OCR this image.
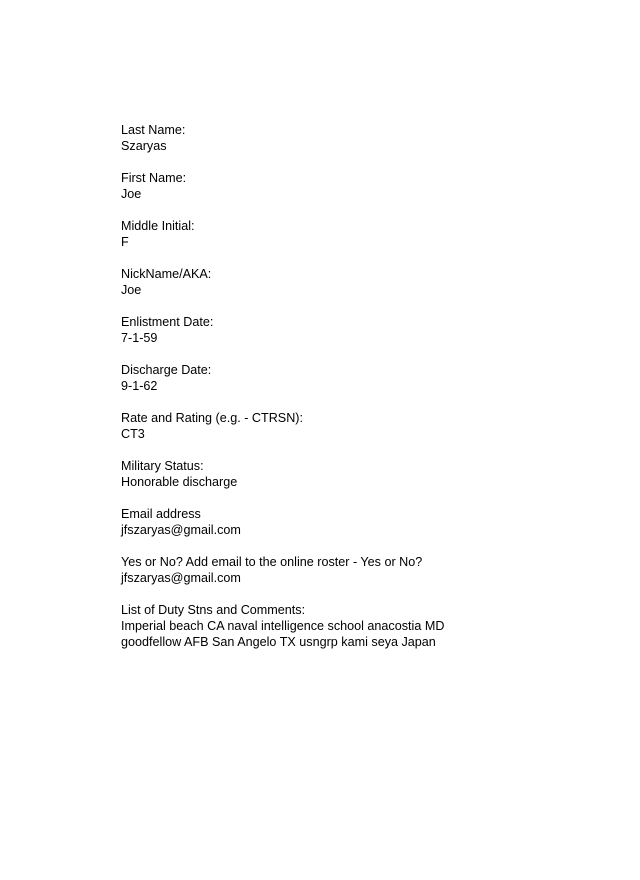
Last Name:
Szaryas
First Name:
Joe
Middle Initial:
F
NickName/AKA:
Joe
Enlistment Date:
7-1-59
Discharge Date:
9-1-62
Rate and Rating (e.g. - CTRSN):
CT3
Military Status:
Honorable discharge
Email address
jfszaryas@gmail.com
Yes or No? Add email to the online roster - Yes or No?
jfszaryas@gmail.com
List of Duty Stns and Comments:
Imperial beach CA naval intelligence school anacostia MD
goodfellow AFB San Angelo TX usngrp kami seya Japan
